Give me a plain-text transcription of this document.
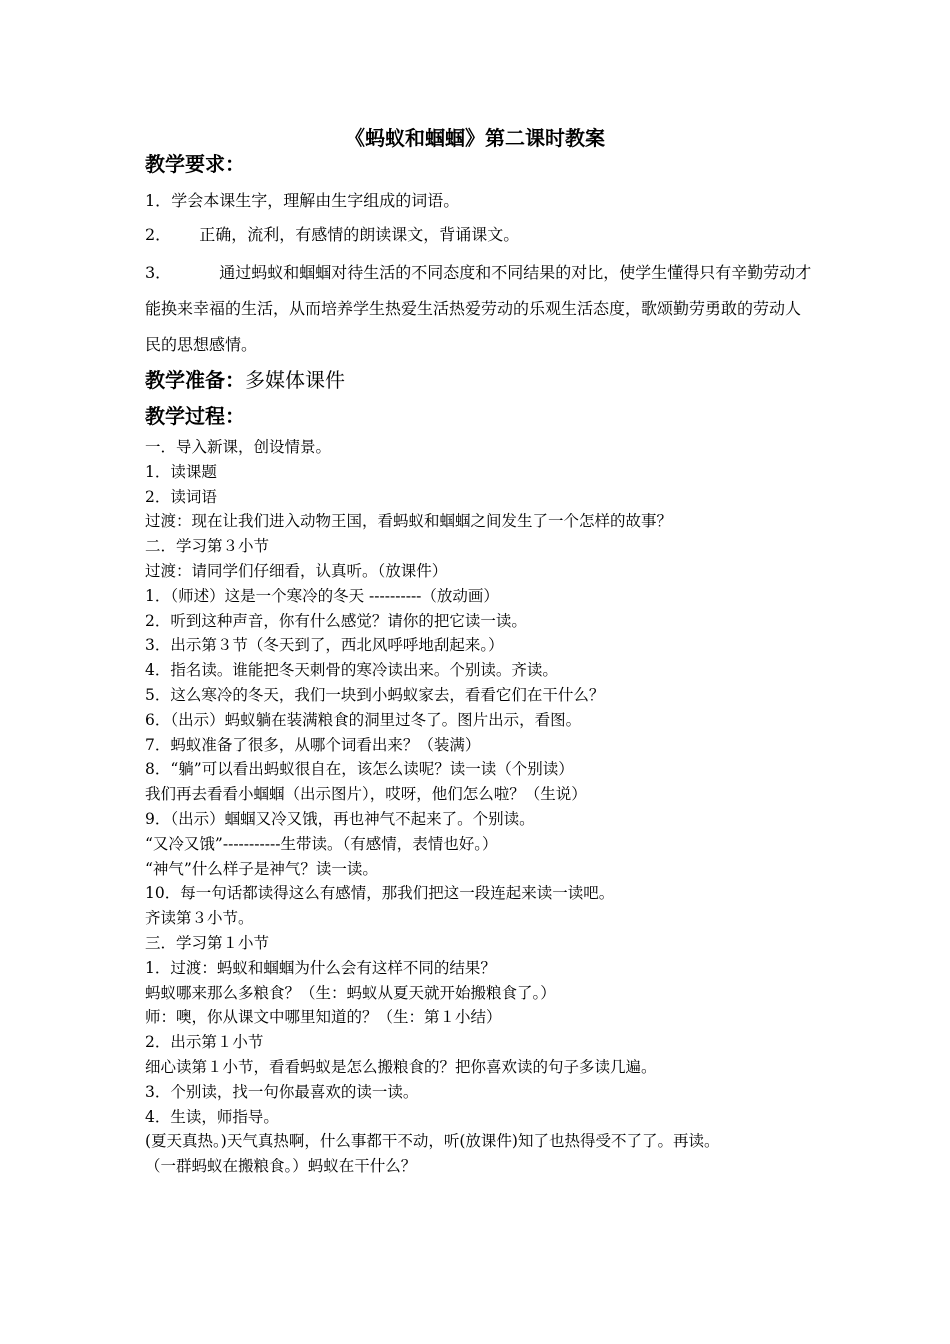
《蚂蚁和蝈蝈》第二课时教案
教学要求：
1．学会本课生字，理解由生字组成的词语。
2． 正确，流利，有感情的朗读课文，背诵课文。
3．	通过蚂蚁和蝈蝈对待生活的不同态度和不同结果的对比，使学生懂得只有辛勤劳动才能换来幸福的生活，从而培养学生热爱生活热爱劳动的乐观生活态度，歌颂勤劳勇敢的劳动人民的思想感情。
教学准备：多媒体课件
教学过程：
一．导入新课，创设情景。
1．读课题
2．读词语
过渡：现在让我们进入动物王国，看蚂蚁和蝈蝈之间发生了一个怎样的故事？
二．学习第３小节
过渡：请同学们仔细看，认真听。（放课件）
1．（师述）这是一个寒冷的冬天 ----------（放动画）
2．听到这种声音，你有什么感觉？请你的把它读一读。
3．出示第３节（冬天到了，西北风呼呼地刮起来。）
4．指名读。谁能把冬天刺骨的寒冷读出来。个别读。齐读。
5．这么寒冷的冬天，我们一块到小蚂蚁家去，看看它们在干什么？
6．（出示）蚂蚁躺在装满粮食的洞里过冬了。图片出示，看图。
7．蚂蚁准备了很多，从哪个词看出来？（装满）
8．“躺”可以看出蚂蚁很自在，该怎么读呢？读一读（个别读）
我们再去看看小蝈蝈（出示图片），哎呀，他们怎么啦？（生说）
9．（出示）蝈蝈又冷又饿，再也神气不起来了。个别读。
“又冷又饿”-----------生带读。（有感情，表情也好。）
“神气”什么样子是神气？读一读。
10．每一句话都读得这么有感情，那我们把这一段连起来读一读吧。
齐读第３小节。
三．学习第１小节
1．过渡：蚂蚁和蝈蝈为什么会有这样不同的结果？
蚂蚁哪来那么多粮食？（生：蚂蚁从夏天就开始搬粮食了。）
师：噢，你从课文中哪里知道的？（生：第１小结）
2．出示第１小节
细心读第１小节，看看蚂蚁是怎么搬粮食的？把你喜欢读的句子多读几遍。
3．个别读，找一句你最喜欢的读一读。
4．生读，师指导。
(夏天真热。)天气真热啊，什么事都干不动，听(放课件)知了也热得受不了了。再读。
（一群蚂蚁在搬粮食。）蚂蚁在干什么？
